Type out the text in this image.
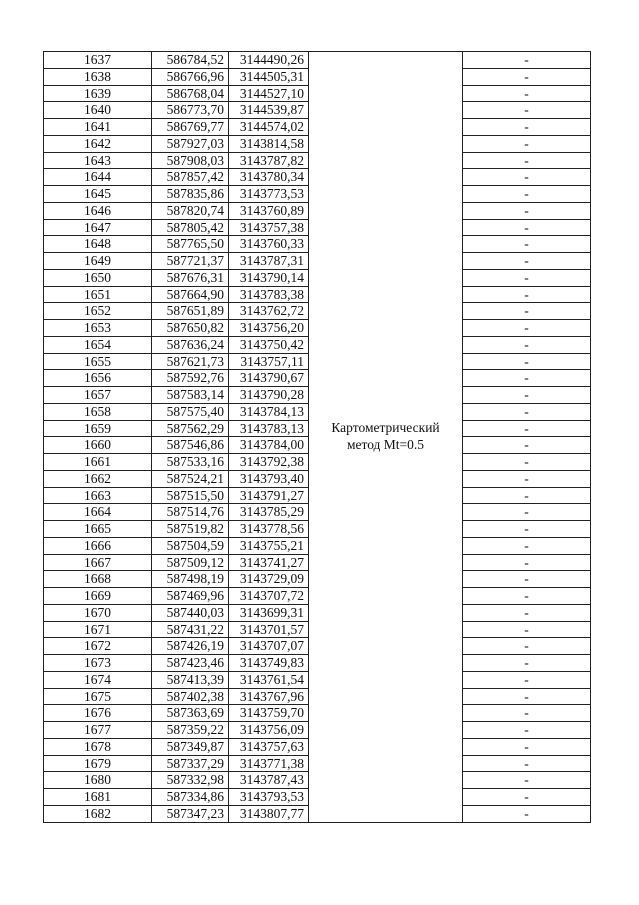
1637	586784,52	3144490,26	Картометрический метод Mt=0.5	-
1638	586766,96	3144505,31		-
1639	586768,04	3144527,10		-
1640	586773,70	3144539,87		-
1641	586769,77	3144574,02		-
1642	587927,03	3143814,58		-
1643	587908,03	3143787,82		-
1644	587857,42	3143780,34		-
1645	587835,86	3143773,53		-
1646	587820,74	3143760,89		-
1647	587805,42	3143757,38		-
1648	587765,50	3143760,33		-
1649	587721,37	3143787,31		-
1650	587676,31	3143790,14		-
1651	587664,90	3143783,38		-
1652	587651,89	3143762,72		-
1653	587650,82	3143756,20		-
1654	587636,24	3143750,42		-
1655	587621,73	3143757,11		-
1656	587592,76	3143790,67		-
1657	587583,14	3143790,28		-
1658	587575,40	3143784,13		-
1659	587562,29	3143783,13		-
1660	587546,86	3143784,00		-
1661	587533,16	3143792,38		-
1662	587524,21	3143793,40		-
1663	587515,50	3143791,27		-
1664	587514,76	3143785,29		-
1665	587519,82	3143778,56		-
1666	587504,59	3143755,21		-
1667	587509,12	3143741,27		-
1668	587498,19	3143729,09		-
1669	587469,96	3143707,72		-
1670	587440,03	3143699,31		-
1671	587431,22	3143701,57		-
1672	587426,19	3143707,07		-
1673	587423,46	3143749,83		-
1674	587413,39	3143761,54		-
1675	587402,38	3143767,96		-
1676	587363,69	3143759,70		-
1677	587359,22	3143756,09		-
1678	587349,87	3143757,63		-
1679	587337,29	3143771,38		-
1680	587332,98	3143787,43		-
1681	587334,86	3143793,53		-
1682	587347,23	3143807,77		-
